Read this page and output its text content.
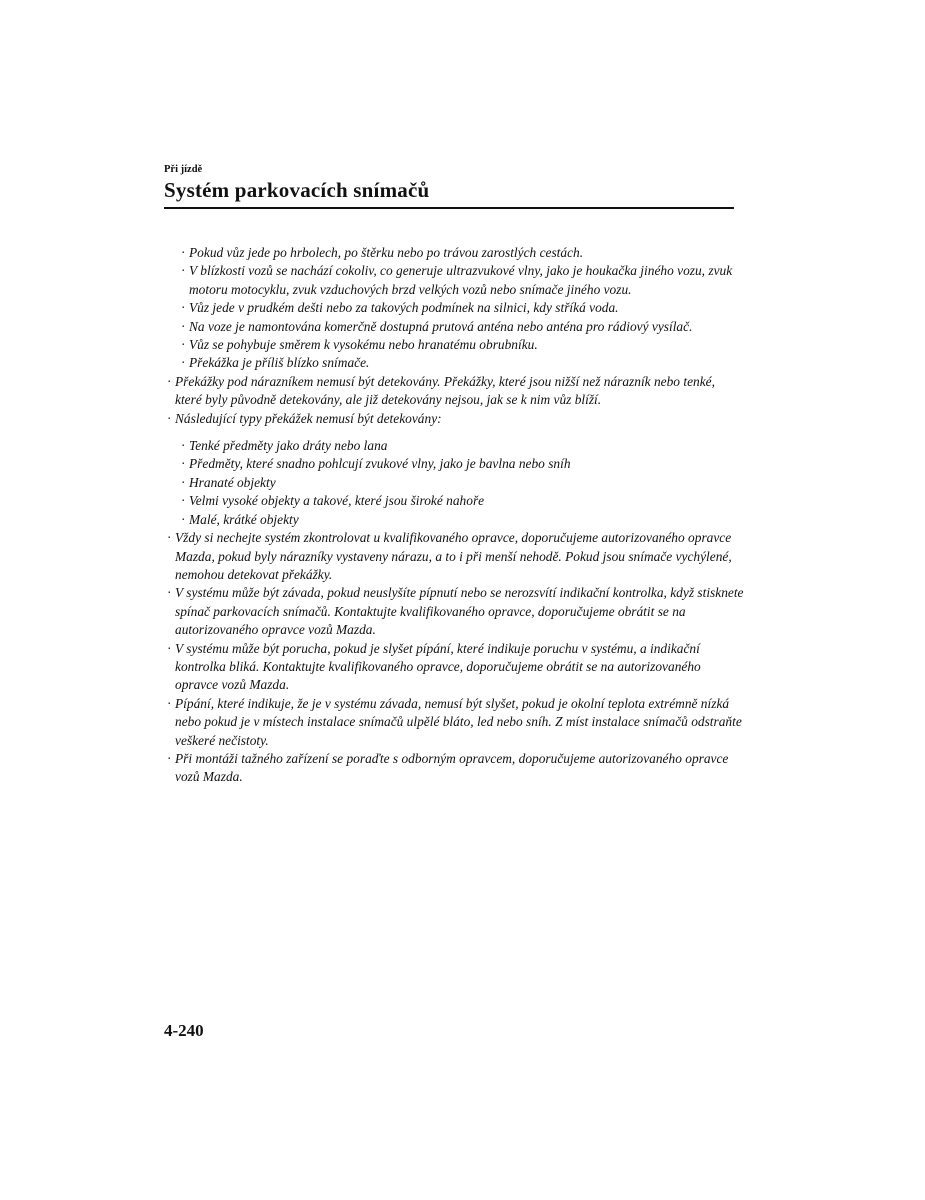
Při jízdě
Systém parkovacích snímačů

· Pokud vůz jede po hrbolech, po štěrku nebo po trávou zarostlých cestách.

· V blízkosti vozů se nachází cokoliv, co generuje ultrazvukové vlny, jako je houkačka jiného vozu, zvuk motoru motocyklu, zvuk vzduchových brzd velkých vozů nebo snímače jiného vozu.

· Vůz jede v prudkém dešti nebo za takových podmínek na silnici, kdy stříká voda.

· Na voze je namontována komerčně dostupná prutová anténa nebo anténa pro rádiový vysílač.

· Vůz se pohybuje směrem k vysokému nebo hranatému obrubníku.

· Překážka je příliš blízko snímače.

· Překážky pod nárazníkem nemusí být detekovány. Překážky, které jsou nižší než nárazník nebo tenké, které byly původně detekovány, ale již detekovány nejsou, jak se k nim vůz blíží.

· Následující typy překážek nemusí být detekovány:

· Tenké předměty jako dráty nebo lana

· Předměty, které snadno pohlcují zvukové vlny, jako je bavlna nebo sníh

· Hranaté objekty

· Velmi vysoké objekty a takové, které jsou široké nahoře

· Malé, krátké objekty

· Vždy si nechejte systém zkontrolovat u kvalifikovaného opravce, doporučujeme autorizovaného opravce Mazda, pokud byly nárazníky vystaveny nárazu, a to i při menší nehodě. Pokud jsou snímače vychýlené, nemohou detekovat překážky.

· V systému může být závada, pokud neuslyšíte pípnutí nebo se nerozsvítí indikační kontrolka, když stisknete spínač parkovacích snímačů. Kontaktujte kvalifikovaného opravce, doporučujeme obrátit se na autorizovaného opravce vozů Mazda.

· V systému může být porucha, pokud je slyšet pípání, které indikuje poruchu v systému, a indikační kontrolka bliká. Kontaktujte kvalifikovaného opravce, doporučujeme obrátit se na autorizovaného opravce vozů Mazda.

· Pípání, které indikuje, že je v systému závada, nemusí být slyšet, pokud je okolní teplota extrémně nízká nebo pokud je v místech instalace snímačů ulpělé bláto, led nebo sníh. Z míst instalace snímačů odstraňte veškeré nečistoty.

· Při montáži tažného zařízení se poraďte s odborným opravcem, doporučujeme autorizovaného opravce vozů Mazda.

4-240
